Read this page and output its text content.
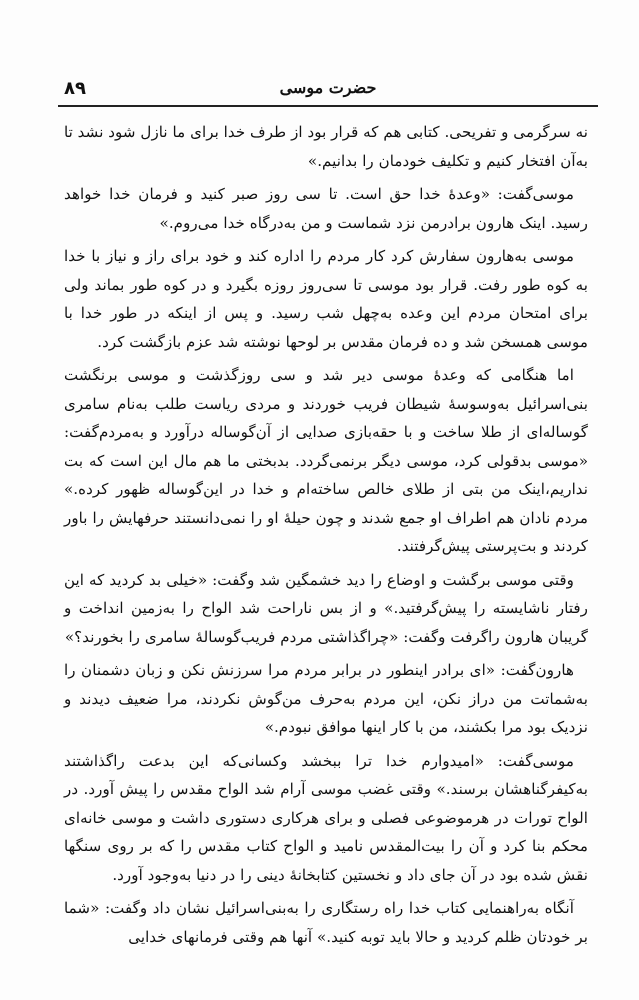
۸۹	حضرت موسی

نه سرگرمی و تفریحی. کتابی هم که قرار بود از طرف خدا برای ما نازل شود نشد تا به‌آن افتخار کنیم و تکلیف خودمان را بدانیم.»

موسی‌گفت: «وعدهٔ خدا حق است. تا سی روز صبر کنید و فرمان خدا خواهد رسید. اینک هارون برادرمن نزد شماست و من به‌درگاه خدا می‌روم.»

موسی به‌هارون سفارش کرد کار مردم را اداره کند و خود برای راز و نیاز با خدا به کوه طور رفت. قرار بود موسی تا سی‌روز روزه بگیرد و در کوه طور بماند ولی برای امتحان مردم این وعده به‌چهل شب رسید. و پس از اینکه در طور خدا با موسی همسخن شد و ده فرمان مقدس بر لوحها نوشته شد عزم بازگشت کرد.

اما هنگامی که وعدهٔ موسی دیر شد و سی روزگذشت و موسی برنگشت بنی‌اسرائیل به‌وسوسهٔ شیطان فریب خوردند و مردی ریاست طلب به‌نام سامری گوساله‌ای از طلا ساخت و با حقه‌بازی صدایی از آن‌گوساله درآورد و به‌مردم‌گفت: «موسی بدقولی کرد، موسی دیگر برنمی‌گردد. بدبختی ما هم مال این است که بت نداریم،اینک من بتی از طلای خالص ساخته‌ام و خدا در این‌گوساله ظهور کرده.» مردم نادان هم اطراف او جمع شدند و چون حیلهٔ او را نمی‌دانستند حرفهایش را باور کردند و بت‌پرستی پیش‌گرفتند.

وقتی موسی برگشت و اوضاع را دید خشمگین شد وگفت: «خیلی بد کردید که این رفتار ناشایسته را پیش‌گرفتید.» و از بس ناراحت شد الواح را به‌زمین انداخت و گریبان هارون راگرفت وگفت: «چراگذاشتی مردم فریب‌گوسالهٔ سامری را بخورند؟»

هارون‌گفت: «ای برادر اینطور در برابر مردم مرا سرزنش نکن و زبان دشمنان را به‌شماتت من دراز نکن، این مردم به‌حرف من‌گوش نکردند، مرا ضعیف دیدند و نزدیک بود مرا بکشند، من با کار اینها موافق نبودم.»

موسی‌گفت: «امیدوارم خدا ترا ببخشد وکسانی‌که این بدعت راگذاشتند به‌کیفرگناهشان برسند.» وقتی غضب موسی آرام شد الواح مقدس را پیش آورد. در الواح تورات در هرموضوعی فصلی و برای هرکاری دستوری داشت و موسی خانه‌ای محکم بنا کرد و آن را بیت‌المقدس نامید و الواح کتاب مقدس را که بر روی سنگها نقش شده بود در آن جای داد و نخستین کتابخانهٔ دینی را در دنیا به‌وجود آورد.

آنگاه به‌راهنمایی کتاب خدا راه رستگاری را به‌بنی‌اسرائیل نشان داد وگفت: «شما بر خودتان ظلم کردید و حالا باید توبه کنید.» آنها هم وقتی فرمانهای خدایی
